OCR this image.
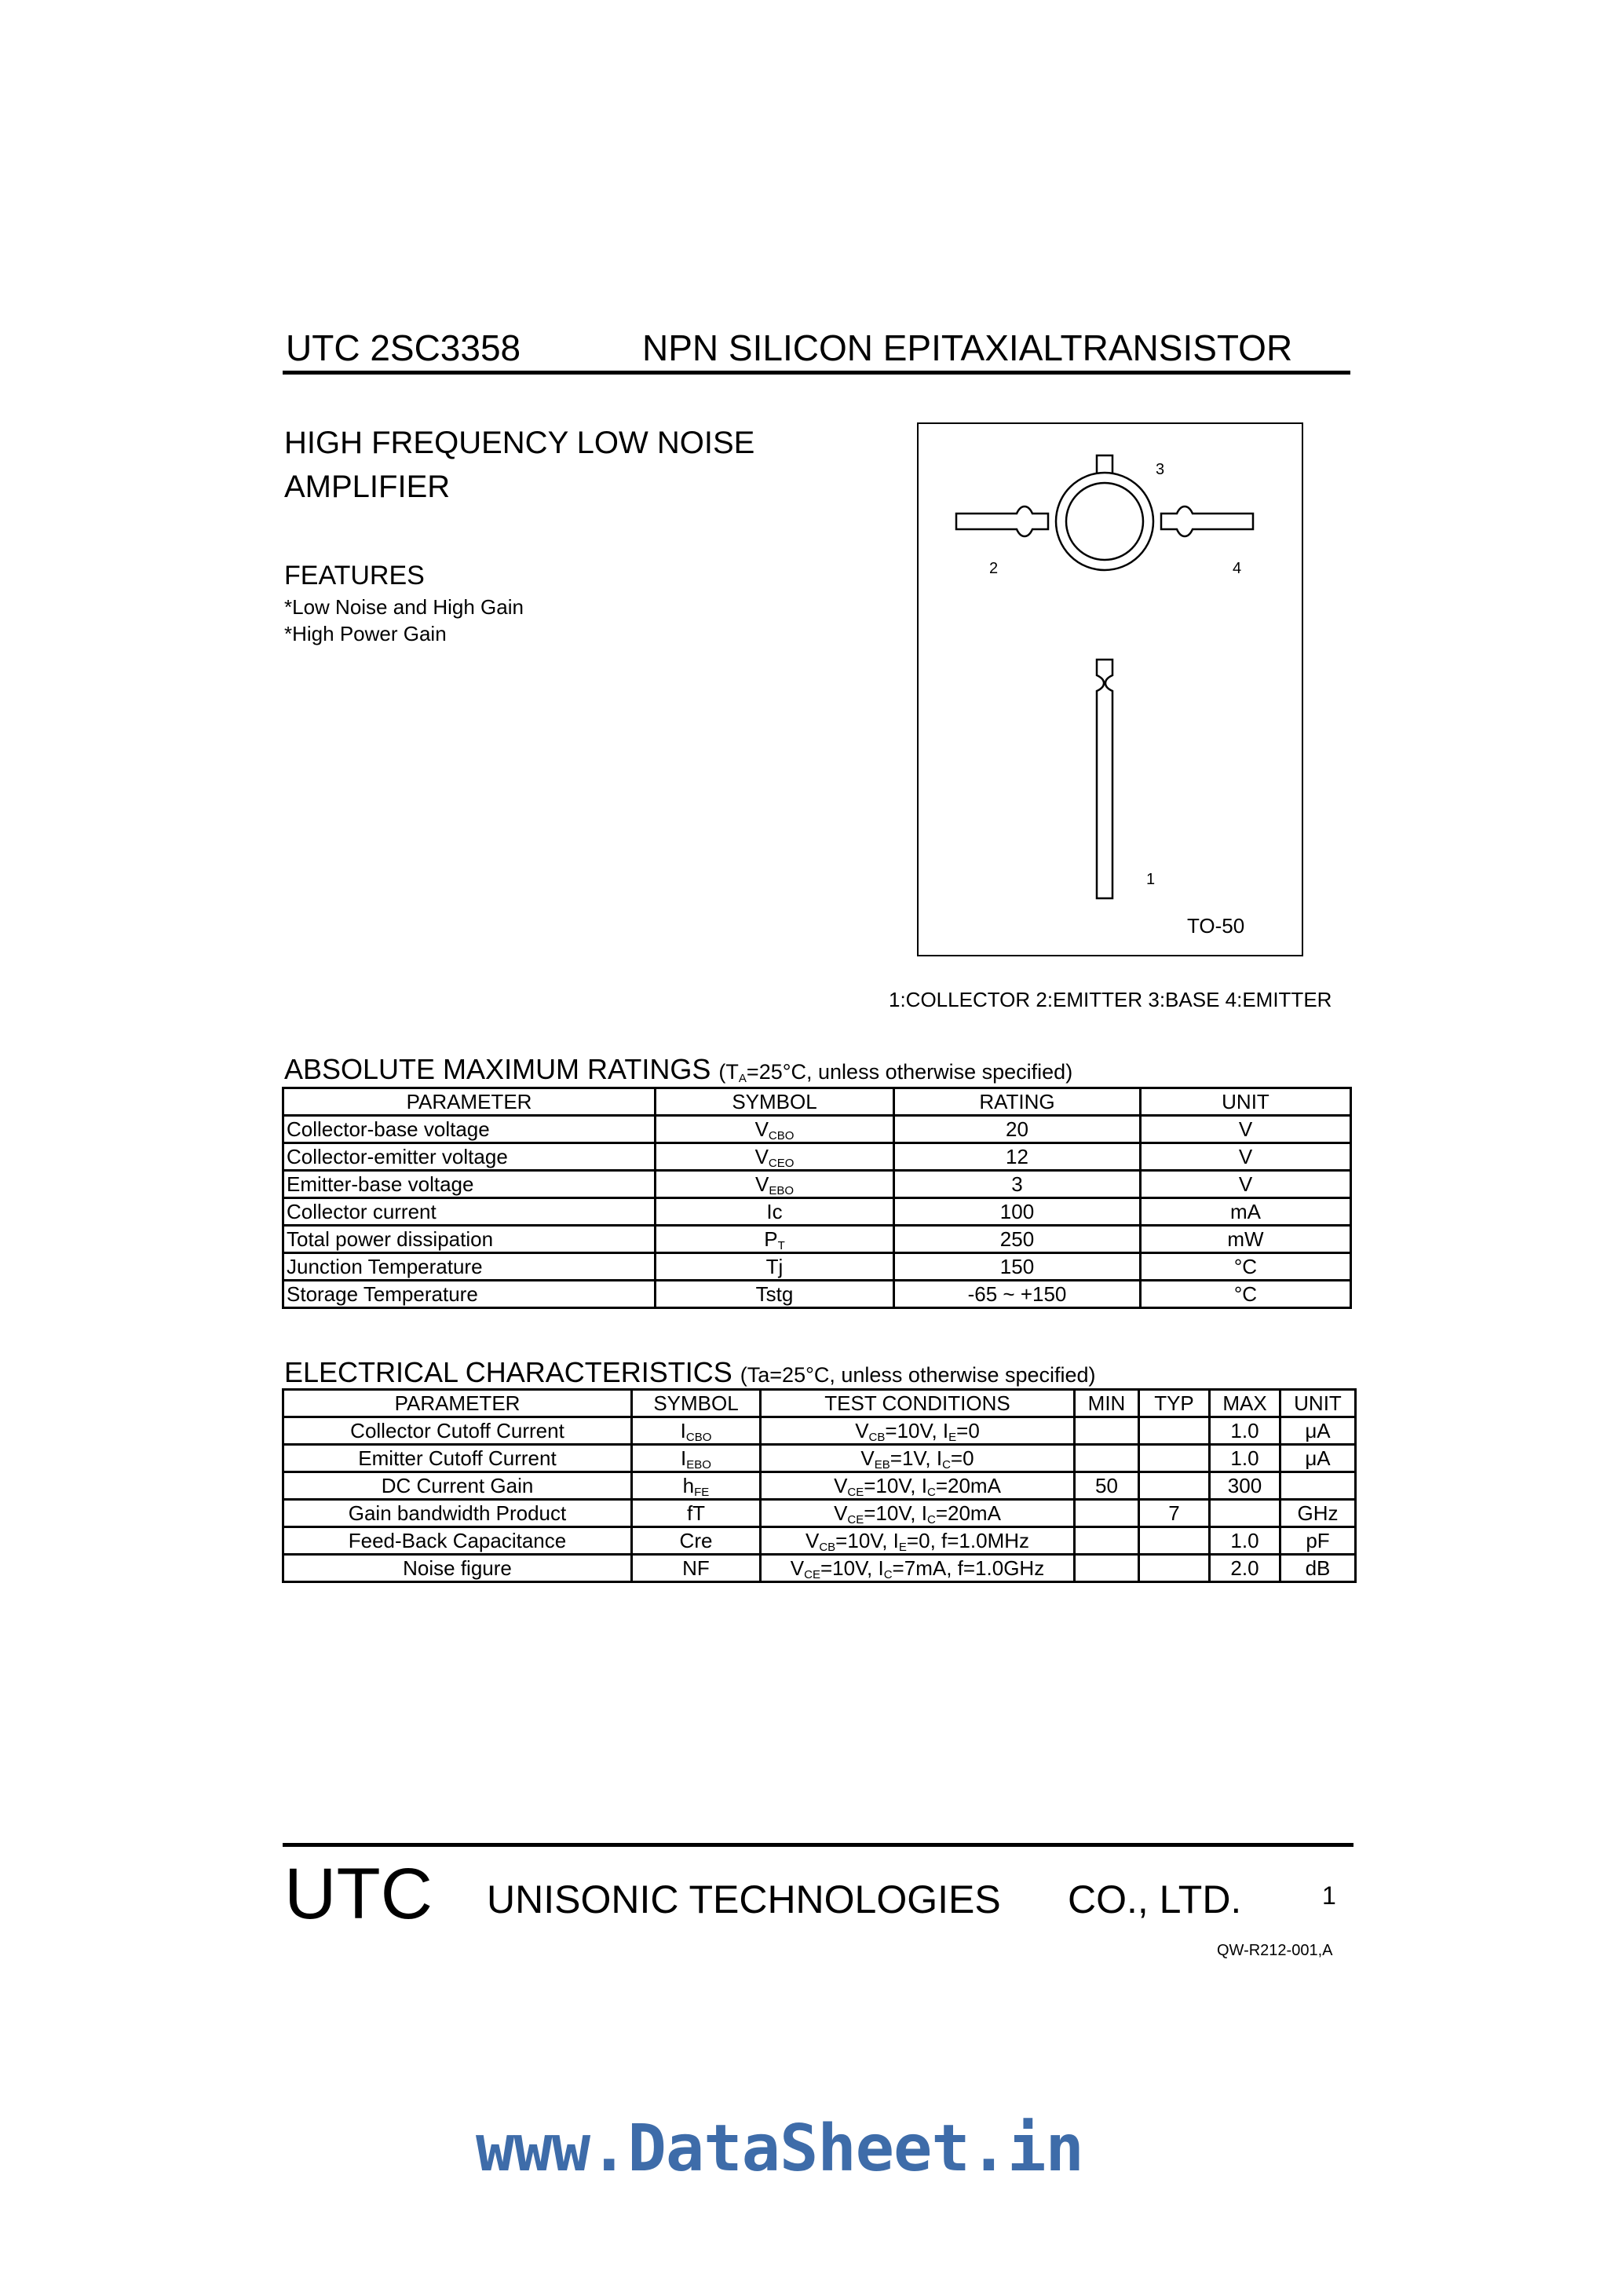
UTC 2SC3358	NPN SILICON EPITAXIALTRANSISTOR
HIGH FREQUENCY LOW NOISE
AMPLIFIER
FEATURES
*Low Noise and High Gain
*High Power Gain
3
2	4
1
TO-50
1:COLLECTOR 2:EMITTER 3:BASE 4:EMITTER
ABSOLUTE MAXIMUM RATINGS ($T_A=25^\circ C$, unless otherwise specified)
PARAMETER	SYMBOL	RATING	UNIT
Collector-base voltage	$V_{CBO}$	20	V
Collector-emitter voltage	$V_{CEO}$	12	V
Emitter-base voltage	$V_{EBO}$	3	V
Collector current	Ic	100	mA
Total power dissipation	$P_T$	250	mW
Junction Temperature	Tj	150	°C
Storage Temperature	Tstg	-65 ~ +150	°C
ELECTRICAL CHARACTERISTICS (Ta=25°C, unless otherwise specified)
PARAMETER	SYMBOL	TEST CONDITIONS	MIN	TYP	MAX	UNIT
Collector Cutoff Current	$I_{CBO}$	$V_{CB}=10V$, $I_E=0$			1.0	μA
Emitter Cutoff Current	$I_{EBO}$	$V_{EB}=1V$, $I_C=0$			1.0	μA
DC Current Gain	$h_{FE}$	$V_{CE}=10V$, $I_C=20mA$	50		300	
Gain bandwidth Product	fT	$V_{CE}=10V$, $I_C=20mA$		7		GHz
Feed-Back Capacitance	Cre	$V_{CB}=10V$, $I_E=0$, f=1.0MHz			1.0	pF
Noise figure	NF	$V_{CE}=10V$, $I_C=7mA$, f=1.0GHz			2.0	dB
UTC UNISONIC TECHNOLOGIES CO., LTD.	1
QW-R212-001,A
www.DataSheet.in
